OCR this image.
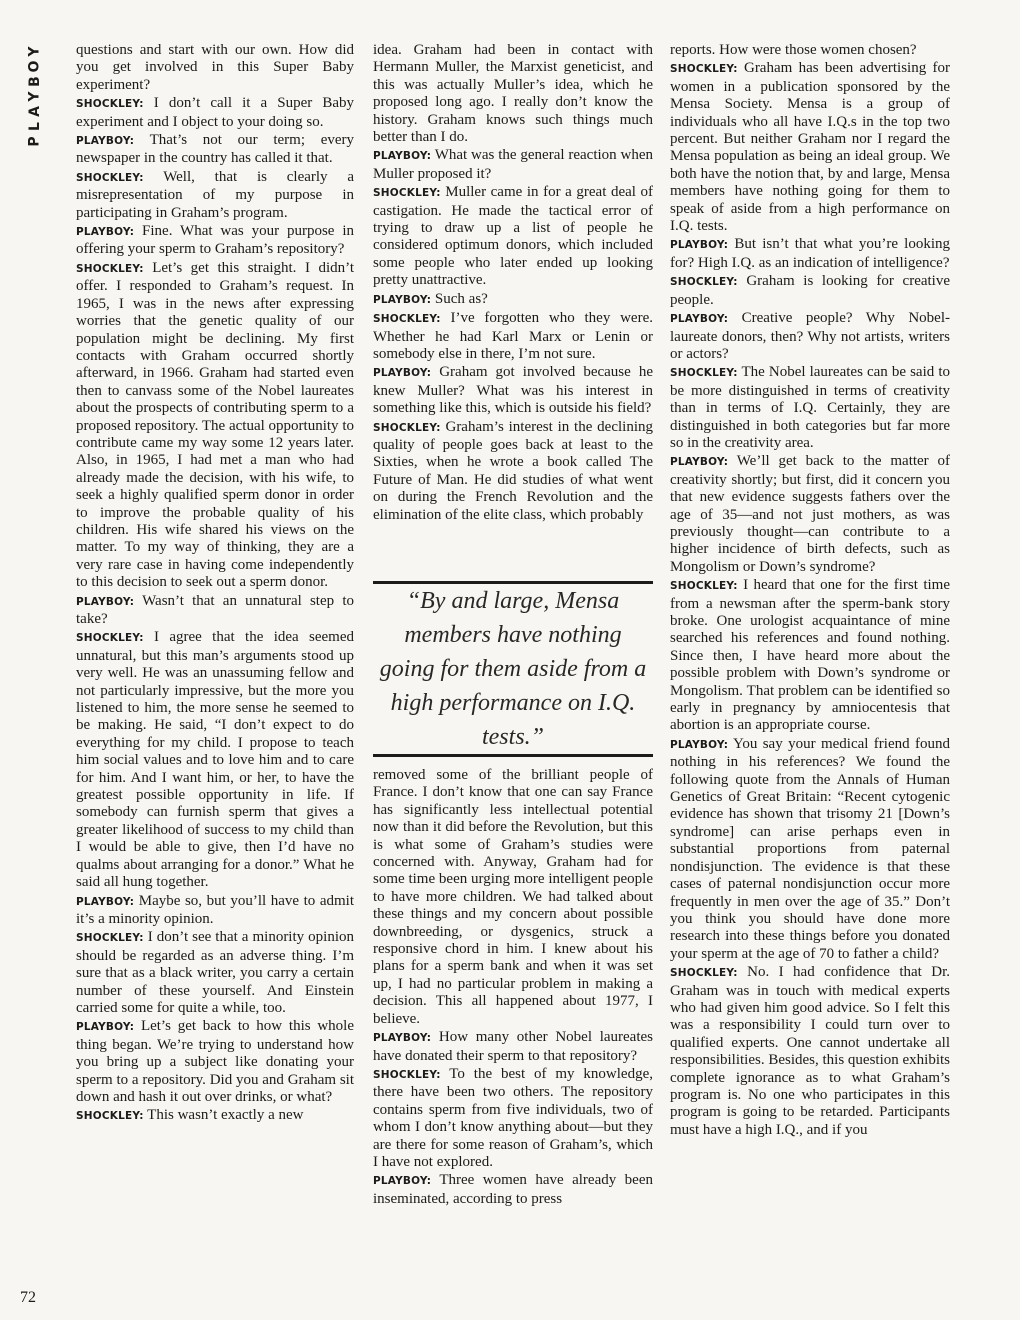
Y
O
B
Y
A
L
P
72

questions and start with our own. How did you get involved in this Super Baby experiment?

SHOCKLEY: I don’t call it a Super Baby experiment and I object to your doing so.

PLAYBOY: That’s not our term; every newspaper in the country has called it that.

SHOCKLEY: Well, that is clearly a misrepresentation of my purpose in participating in Graham’s program.

PLAYBOY: Fine. What was your purpose in offering your sperm to Graham’s repository?

SHOCKLEY: Let’s get this straight. I didn’t offer. I responded to Graham’s request. In 1965, I was in the news after expressing worries that the genetic quality of our population might be declining. My first contacts with Graham occurred shortly afterward, in 1966. Graham had started even then to canvass some of the Nobel laureates about the prospects of contributing sperm to a proposed repository. The actual opportunity to contribute came my way some 12 years later. Also, in 1965, I had met a man who had already made the decision, with his wife, to seek a highly qualified sperm donor in order to improve the probable quality of his children. His wife shared his views on the matter. To my way of thinking, they are a very rare case in having come independently to this decision to seek out a sperm donor.

PLAYBOY: Wasn’t that an unnatural step to take?

SHOCKLEY: I agree that the idea seemed unnatural, but this man’s arguments stood up very well. He was an unassuming fellow and not particularly impressive, but the more you listened to him, the more sense he seemed to be making. He said, “I don’t expect to do everything for my child. I propose to teach him social values and to love him and to care for him. And I want him, or her, to have the greatest possible opportunity in life. If somebody can furnish sperm that gives a greater likelihood of success to my child than I would be able to give, then I’d have no qualms about arranging for a donor.” What he said all hung together.

PLAYBOY: Maybe so, but you’ll have to admit it’s a minority opinion.

SHOCKLEY: I don’t see that a minority opinion should be regarded as an adverse thing. I’m sure that as a black writer, you carry a certain number of these yourself. And Einstein carried some for quite a while, too.

PLAYBOY: Let’s get back to how this whole thing began. We’re trying to understand how you bring up a subject like donating your sperm to a repository. Did you and Graham sit down and hash it out over drinks, or what?

SHOCKLEY: This wasn’t exactly a new

idea. Graham had been in contact with Hermann Muller, the Marxist geneticist, and this was actually Muller’s idea, which he proposed long ago. I really don’t know the history. Graham knows such things much better than I do.

PLAYBOY: What was the general reaction when Muller proposed it?

SHOCKLEY: Muller came in for a great deal of castigation. He made the tactical error of trying to draw up a list of people he considered optimum donors, which included some people who later ended up looking pretty unattractive.

PLAYBOY: Such as?

SHOCKLEY: I’ve forgotten who they were. Whether he had Karl Marx or Lenin or somebody else in there, I’m not sure.

PLAYBOY: Graham got involved because he knew Muller? What was his interest in something like this, which is outside his field?

SHOCKLEY: Graham’s interest in the declining quality of people goes back at least to the Sixties, when he wrote a book called The Future of Man. He did studies of what went on during the French Revolution and the elimination of the elite class, which probably

“By and large, Mensa members have nothing going for them aside from a high performance on I.Q. tests.”

removed some of the brilliant people of France. I don’t know that one can say France has significantly less intellectual potential now than it did before the Revolution, but this is what some of Graham’s studies were concerned with. Anyway, Graham had for some time been urging more intelligent people to have more children. We had talked about these things and my concern about possible downbreeding, or dysgenics, struck a responsive chord in him. I knew about his plans for a sperm bank and when it was set up, I had no particular problem in making a decision. This all happened about 1977, I believe.

PLAYBOY: How many other Nobel laureates have donated their sperm to that repository?

SHOCKLEY: To the best of my knowledge, there have been two others. The repository contains sperm from five individuals, two of whom I don’t know anything about—but they are there for some reason of Graham’s, which I have not explored.

PLAYBOY: Three women have already been inseminated, according to press

reports. How were those women chosen?

SHOCKLEY: Graham has been advertising for women in a publication sponsored by the Mensa Society. Mensa is a group of individuals who all have I.Q.s in the top two percent. But neither Graham nor I regard the Mensa population as being an ideal group. We both have the notion that, by and large, Mensa members have nothing going for them to speak of aside from a high performance on I.Q. tests.

PLAYBOY: But isn’t that what you’re looking for? High I.Q. as an indication of intelligence?

SHOCKLEY: Graham is looking for creative people.

PLAYBOY: Creative people? Why Nobel-laureate donors, then? Why not artists, writers or actors?

SHOCKLEY: The Nobel laureates can be said to be more distinguished in terms of creativity than in terms of I.Q. Certainly, they are distinguished in both categories but far more so in the creativity area.

PLAYBOY: We’ll get back to the matter of creativity shortly; but first, did it concern you that new evidence suggests fathers over the age of 35—and not just mothers, as was previously thought—can contribute to a higher incidence of birth defects, such as Mongolism or Down’s syndrome?

SHOCKLEY: I heard that one for the first time from a newsman after the sperm-bank story broke. One urologist acquaintance of mine searched his references and found nothing. Since then, I have heard more about the possible problem with Down’s syndrome or Mongolism. That problem can be identified so early in pregnancy by amniocentesis that abortion is an appropriate course.

PLAYBOY: You say your medical friend found nothing in his references? We found the following quote from the Annals of Human Genetics of Great Britain: “Recent cytogenic evidence has shown that trisomy 21 [Down’s syndrome] can arise perhaps even in substantial proportions from paternal nondisjunction. The evidence is that these cases of paternal nondisjunction occur more frequently in men over the age of 35.” Don’t you think you should have done more research into these things before you donated your sperm at the age of 70 to father a child?

SHOCKLEY: No. I had confidence that Dr. Graham was in touch with medical experts who had given him good advice. So I felt this was a responsibility I could turn over to qualified experts. One cannot undertake all responsibilities. Besides, this question exhibits complete ignorance as to what Graham’s program is. No one who participates in this program is going to be retarded. Participants must have a high I.Q., and if you
